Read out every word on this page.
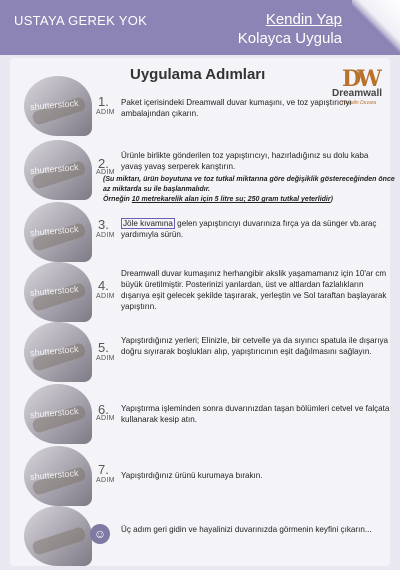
USTAYA GEREK YOK	Kendin Yap
Kolayca Uygula
Uygulama Adımları	DW
Dreamwall
Hayalin Duvara
shutterstock 1.
ADIM
Paket içerisindeki Dreamwall duvar kumaşını, ve toz yapıştırıcıyı ambalajından çıkarın.
shutterstock 2.
ADIM
Ürünle birlikte gönderilen toz yapıştırıcıyı, hazırladığınız su dolu kaba yavaş yavaş serperek karıştırın.
(Su miktarı, ürün boyutuna ve toz tutkal miktarına göre değişiklik göstereceğinden önce az miktarda su ile başlanmalıdır.
Örneğin 10 metrekarelik alan için 5 litre su; 250 gram tutkal yeterlidir)
shutterstock 3.
ADIM
Jöle kıvamına gelen yapıştırıcıyı duvarınıza fırça ya da sünger vb.araç yardımıyla sürün.
shutterstock 4.
ADIM
Dreamwall duvar kumaşınız herhangibir akslik yaşamamanız için 10'ar cm büyük üretilmiştir. Posterinizi yanlardan, üst ve altlardan fazlalıkların dışarıya eşit gelecek şekilde taşırarak, yerleştin ve Sol taraftan başlayarak yapıştırın.
shutterstock 5.
ADIM
Yapıştırdığınız yerleri; Elinizle, bir cetvelle ya da sıyırıcı spatula ile dışarıya doğru sıyırarak boşlukları alıp, yapıştırıcının eşit dağılmasını sağlayın.
shutterstock 6.
ADIM
Yapıştırma işleminden sonra duvarınızdan taşan bölümleri cetvel ve falçata kullanarak kesip atın.
shutterstock 7.
ADIM
Yapıştırdığınız ürünü kurumaya bırakın.
☺	Üç adım geri gidin ve hayalinizi duvarınızda görmenin keyfini çıkarın...
